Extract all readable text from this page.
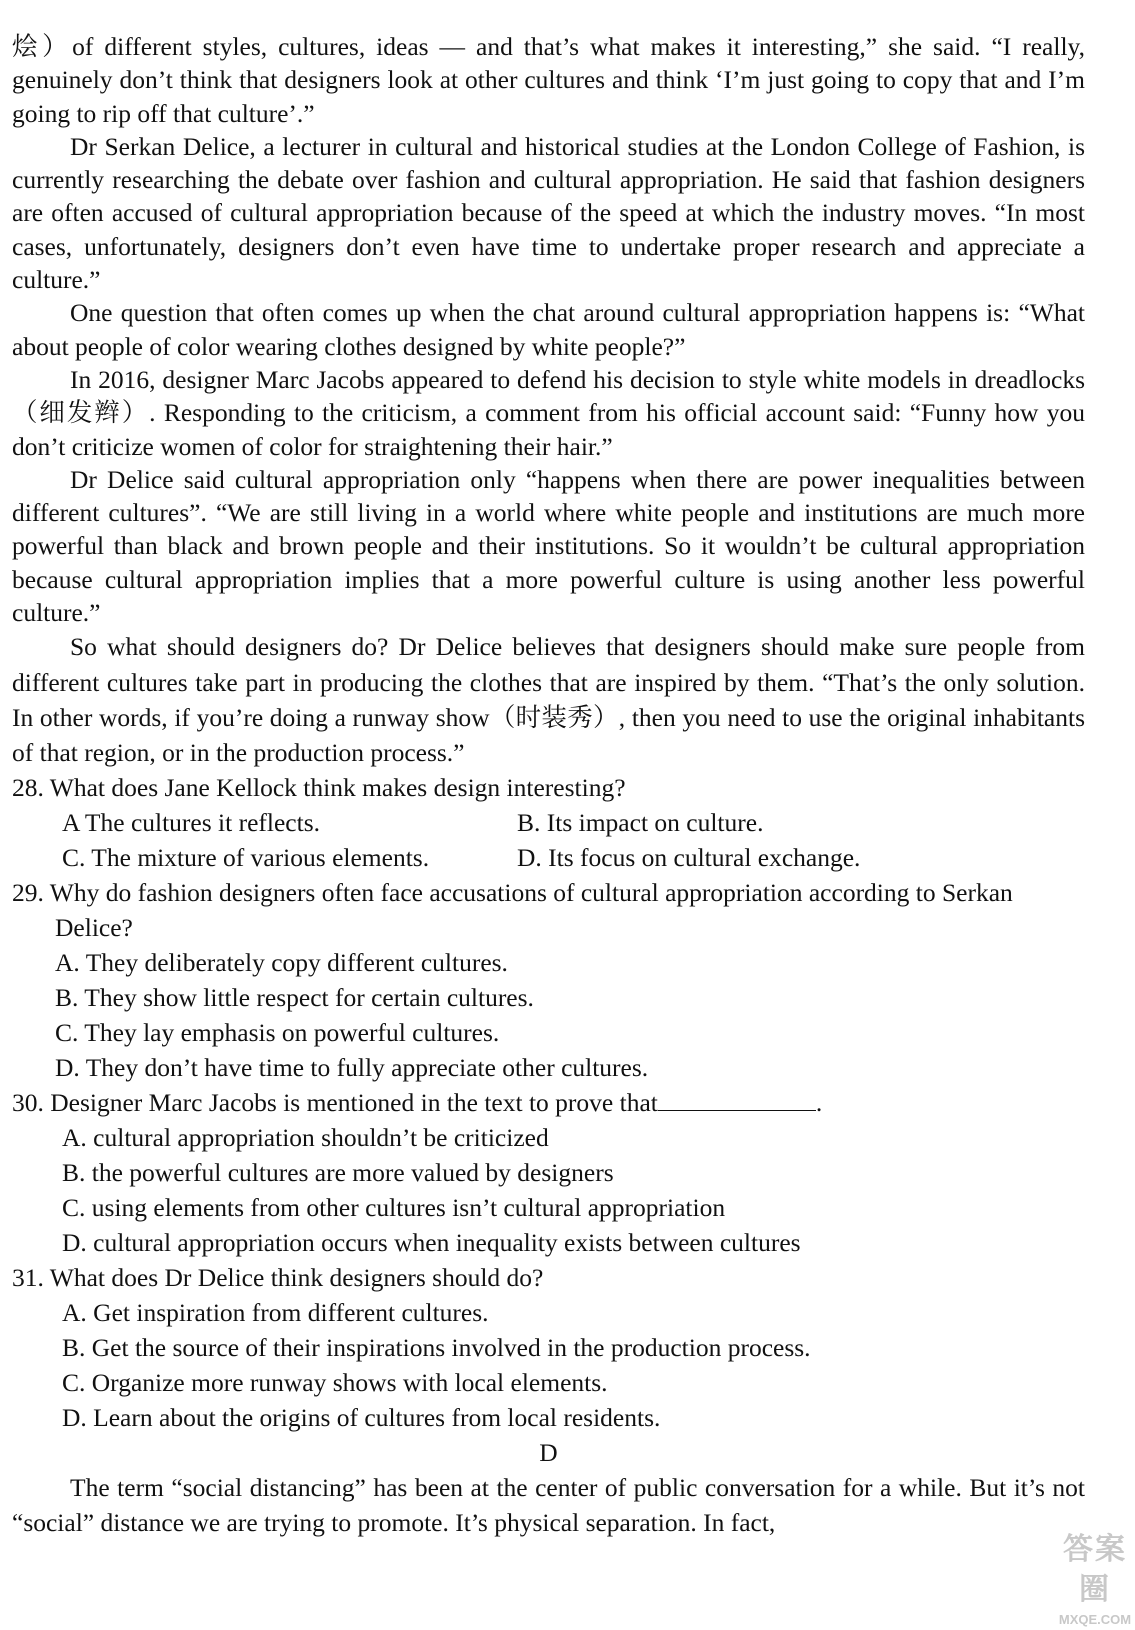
烩）of different styles, cultures, ideas — and that’s what makes it interesting,” she said. “I really, genuinely don’t think that designers look at other cultures and think ‘I’m just going to copy that and I’m going to rip off that culture’.”

Dr Serkan Delice, a lecturer in cultural and historical studies at the London College of Fashion, is currently researching the debate over fashion and cultural appropriation. He said that fashion designers are often accused of cultural appropriation because of the speed at which the industry moves. “In most cases, unfortunately, designers don’t even have time to undertake proper research and appreciate a culture.”

One question that often comes up when the chat around cultural appropriation happens is: “What about people of color wearing clothes designed by white people?”

In 2016, designer Marc Jacobs appeared to defend his decision to style white models in dreadlocks（细发辫）. Responding to the criticism, a comment from his official account said: “Funny how you don’t criticize women of color for straightening their hair.”

Dr Delice said cultural appropriation only “happens when there are power inequalities between different cultures”. “We are still living in a world where white people and institutions are much more powerful than black and brown people and their institutions. So it wouldn’t be cultural appropriation because cultural appropriation implies that a more powerful culture is using another less powerful culture.”

So what should designers do? Dr Delice believes that designers should make sure people from different cultures take part in producing the clothes that are inspired by them. “That’s the only solution. In other words, if you’re doing a runway show（时装秀）, then you need to use the original inhabitants of that region, or in the production process.”

28. What does Jane Kellock think makes design interesting?

A The cultures it reflects.	B. Its impact on culture.
C. The mixture of various elements.	D. Its focus on cultural exchange.

29. Why do fashion designers often face accusations of cultural appropriation according to Serkan Delice?

A. They deliberately copy different cultures.

B. They show little respect for certain cultures.

C. They lay emphasis on powerful cultures.

D. They don’t have time to fully appreciate other cultures.

30. Designer Marc Jacobs is mentioned in the text to prove that	.

A. cultural appropriation shouldn’t be criticized

B. the powerful cultures are more valued by designers

C. using elements from other cultures isn’t cultural appropriation

D. cultural appropriation occurs when inequality exists between cultures

31. What does Dr Delice think designers should do?

A. Get inspiration from different cultures.

B. Get the source of their inspirations involved in the production process.

C. Organize more runway shows with local elements.

D. Learn about the origins of cultures from local residents.

D

The term “social distancing” has been at the center of public conversation for a while. But it’s not “social” distance we are trying to promote. It’s physical separation. In fact,

答案圈
MXQE.COM
